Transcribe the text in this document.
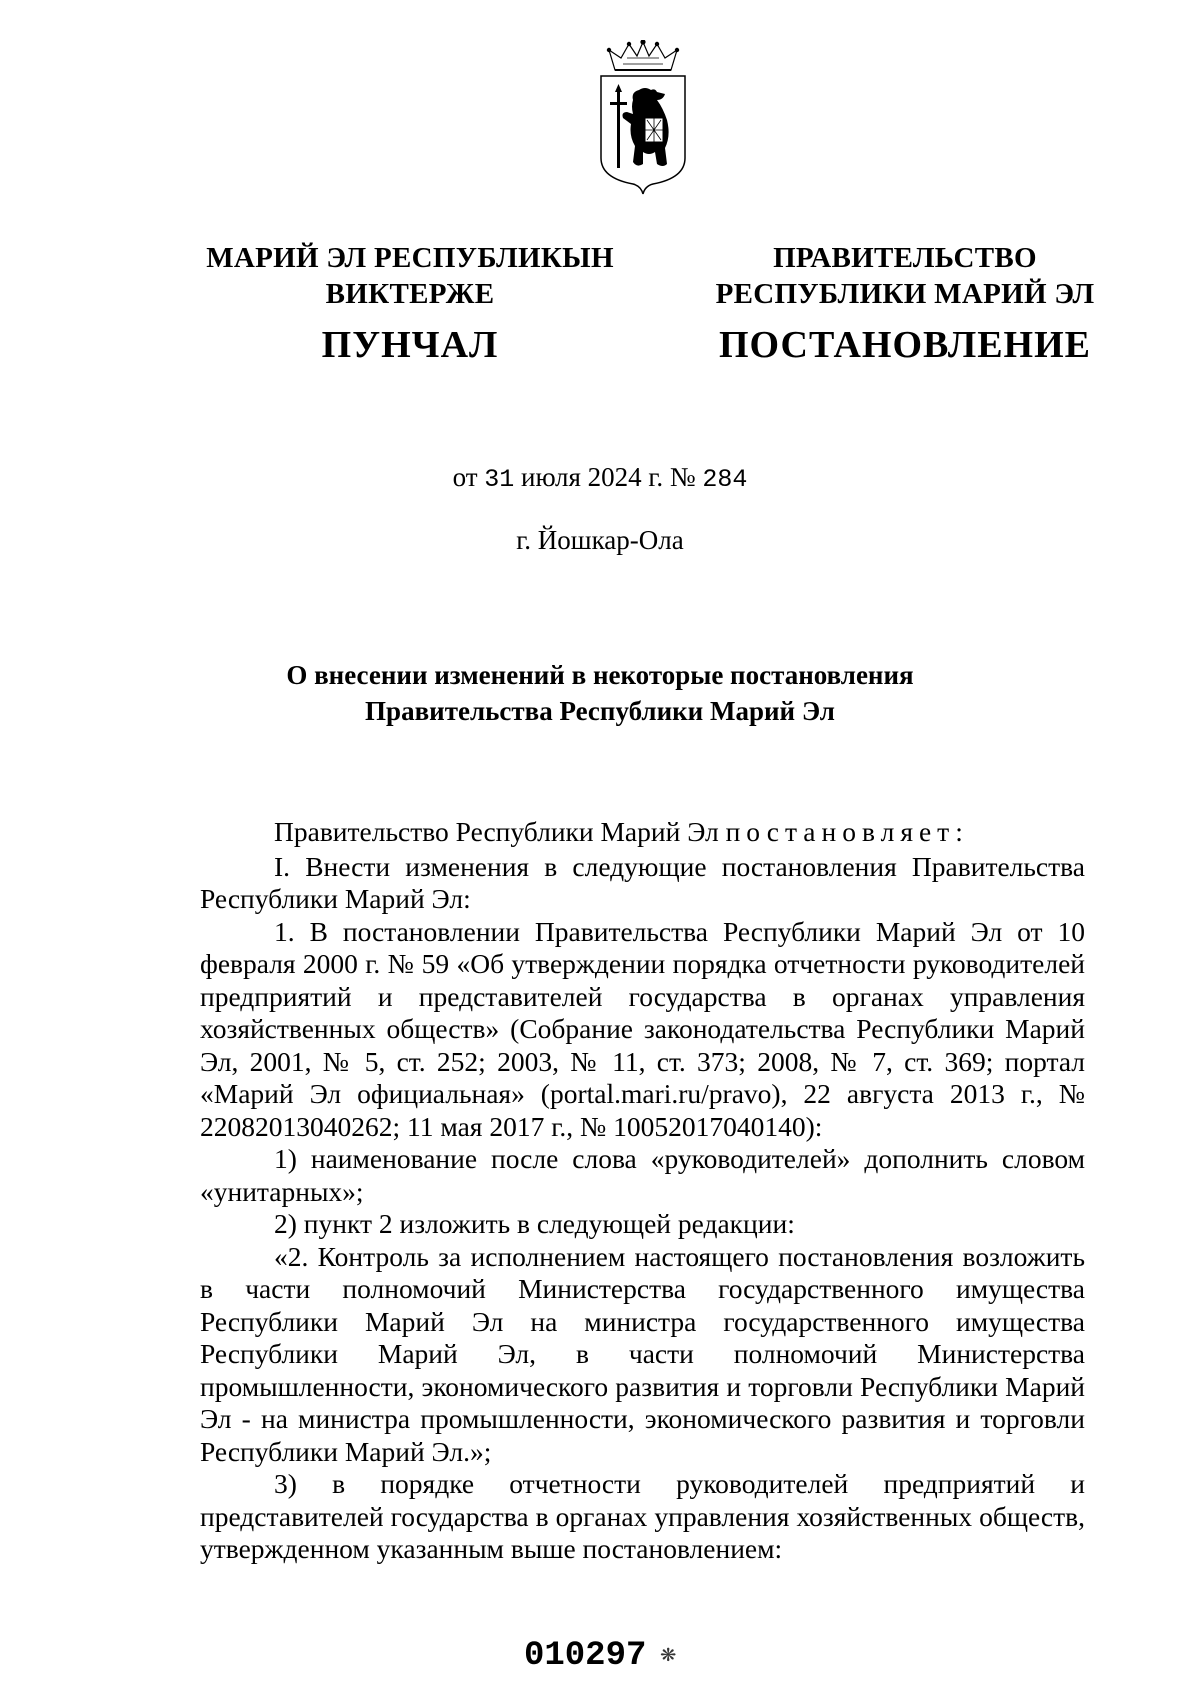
МАРИЙ ЭЛ РЕСПУБЛИКЫН
ВИКТЕРЖЕ
ПУНЧАЛ
ПРАВИТЕЛЬСТВО
РЕСПУБЛИКИ МАРИЙ ЭЛ
ПОСТАНОВЛЕНИЕ
от 31 июля 2024 г. № 284
г. Йошкар-Ола
О внесении изменений в некоторые постановления
Правительства Республики Марий Эл

Правительство Республики Марий Эл постановляет:

I. Внести изменения в следующие постановления Правительства Республики Марий Эл:

1. В постановлении Правительства Республики Марий Эл от 10 февраля 2000 г. № 59 «Об утверждении порядка отчетности руководителей предприятий и представителей государства в органах управления хозяйственных обществ» (Собрание законодательства Республики Марий Эл, 2001, № 5, ст. 252; 2003, № 11, ст. 373; 2008, № 7, ст. 369; портал «Марий Эл официальная» (portal.mari.ru/pravo), 22 августа 2013 г., № 22082013040262; 11 мая 2017 г., № 10052017040140):

1) наименование после слова «руководителей» дополнить словом «унитарных»;

2) пункт 2 изложить в следующей редакции:

«2. Контроль за исполнением настоящего постановления возложить в части полномочий Министерства государственного имущества Республики Марий Эл на министра государственного имущества Республики Марий Эл, в части полномочий Министерства промышленности, экономического развития и торговли Республики Марий Эл - на министра промышленности, экономического развития и торговли Республики Марий Эл.»;

3) в порядке отчетности руководителей предприятий и представителей государства в органах управления хозяйственных обществ, утвержденном указанным выше постановлением:

010297 ❋
